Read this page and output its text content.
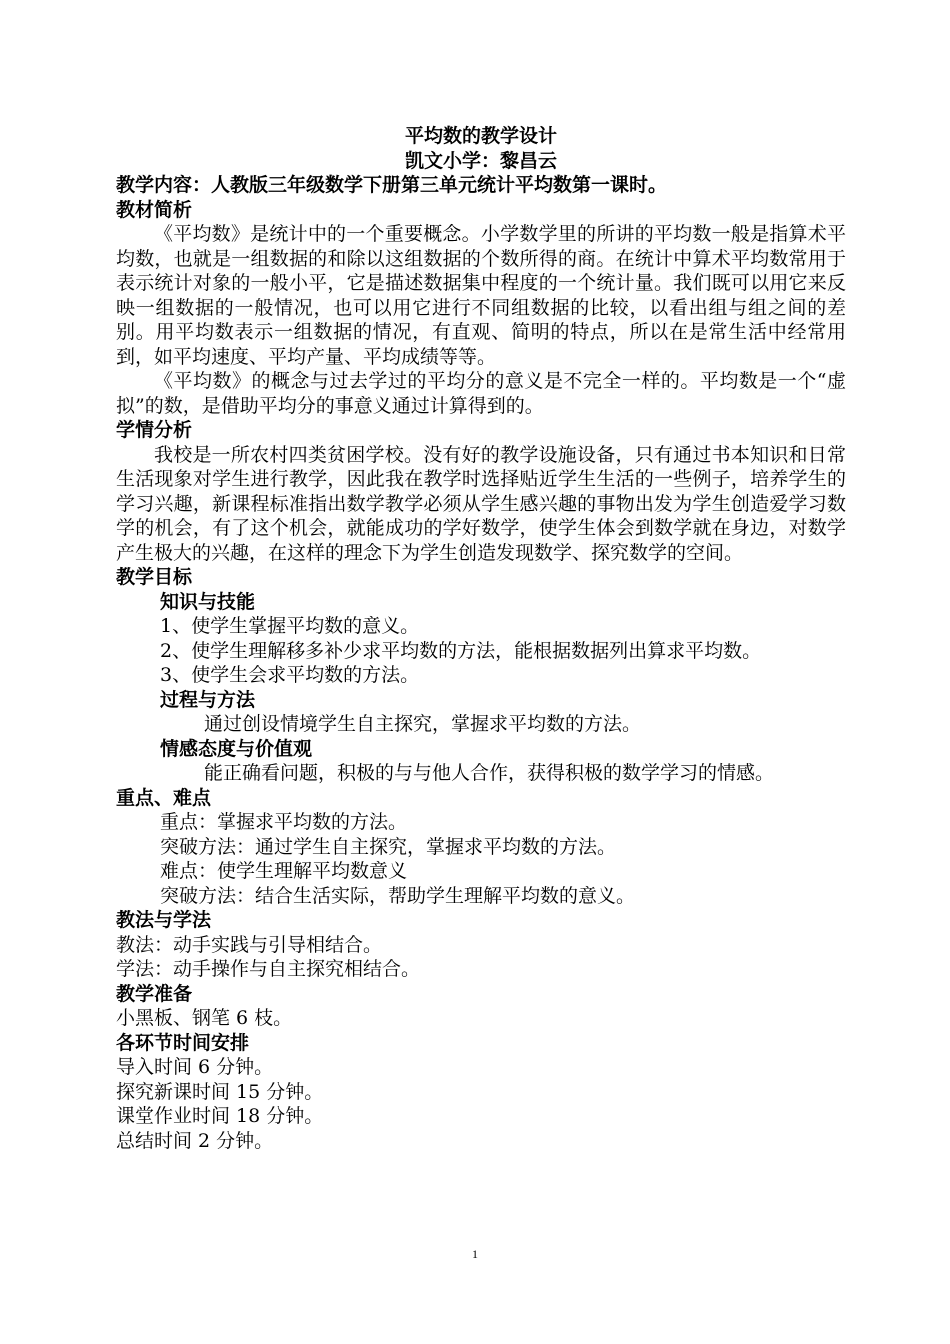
平均数的教学设计
凯文小学：黎昌云
教学内容：人教版三年级数学下册第三单元统计平均数第一课时。
教材简析
《平均数》是统计中的一个重要概念。小学数学里的所讲的平均数一般是指算术平均数，也就是一组数据的和除以这组数据的个数所得的商。在统计中算术平均数常用于表示统计对象的一般小平，它是描述数据集中程度的一个统计量。我们既可以用它来反映一组数据的一般情况，也可以用它进行不同组数据的比较，以看出组与组之间的差别。用平均数表示一组数据的情况，有直观、简明的特点，所以在是常生活中经常用到，如平均速度、平均产量、平均成绩等等。
《平均数》的概念与过去学过的平均分的意义是不完全一样的。平均数是一个“虚拟”的数，是借助平均分的事意义通过计算得到的。
学情分析
我校是一所农村四类贫困学校。没有好的教学设施设备，只有通过书本知识和日常生活现象对学生进行教学，因此我在教学时选择贴近学生生活的一些例子，培养学生的学习兴趣，新课程标准指出数学教学必须从学生感兴趣的事物出发为学生创造爱学习数学的机会，有了这个机会，就能成功的学好数学，使学生体会到数学就在身边，对数学产生极大的兴趣，在这样的理念下为学生创造发现数学、探究数学的空间。
教学目标
知识与技能
1、使学生掌握平均数的意义。
2、使学生理解移多补少求平均数的方法，能根据数据列出算求平均数。
3、使学生会求平均数的方法。
过程与方法
通过创设情境学生自主探究，掌握求平均数的方法。
情感态度与价值观
能正确看问题，积极的与与他人合作，获得积极的数学学习的情感。
重点、难点
重点：掌握求平均数的方法。
突破方法：通过学生自主探究，掌握求平均数的方法。
难点：使学生理解平均数意义
突破方法：结合生活实际，帮助学生理解平均数的意义。
教法与学法
教法：动手实践与引导相结合。
学法：动手操作与自主探究相结合。
教学准备
小黑板、钢笔 6 枝。
各环节时间安排
导入时间 6 分钟。
探究新课时间 15 分钟。
课堂作业时间 18 分钟。
总结时间 2 分钟。
1
